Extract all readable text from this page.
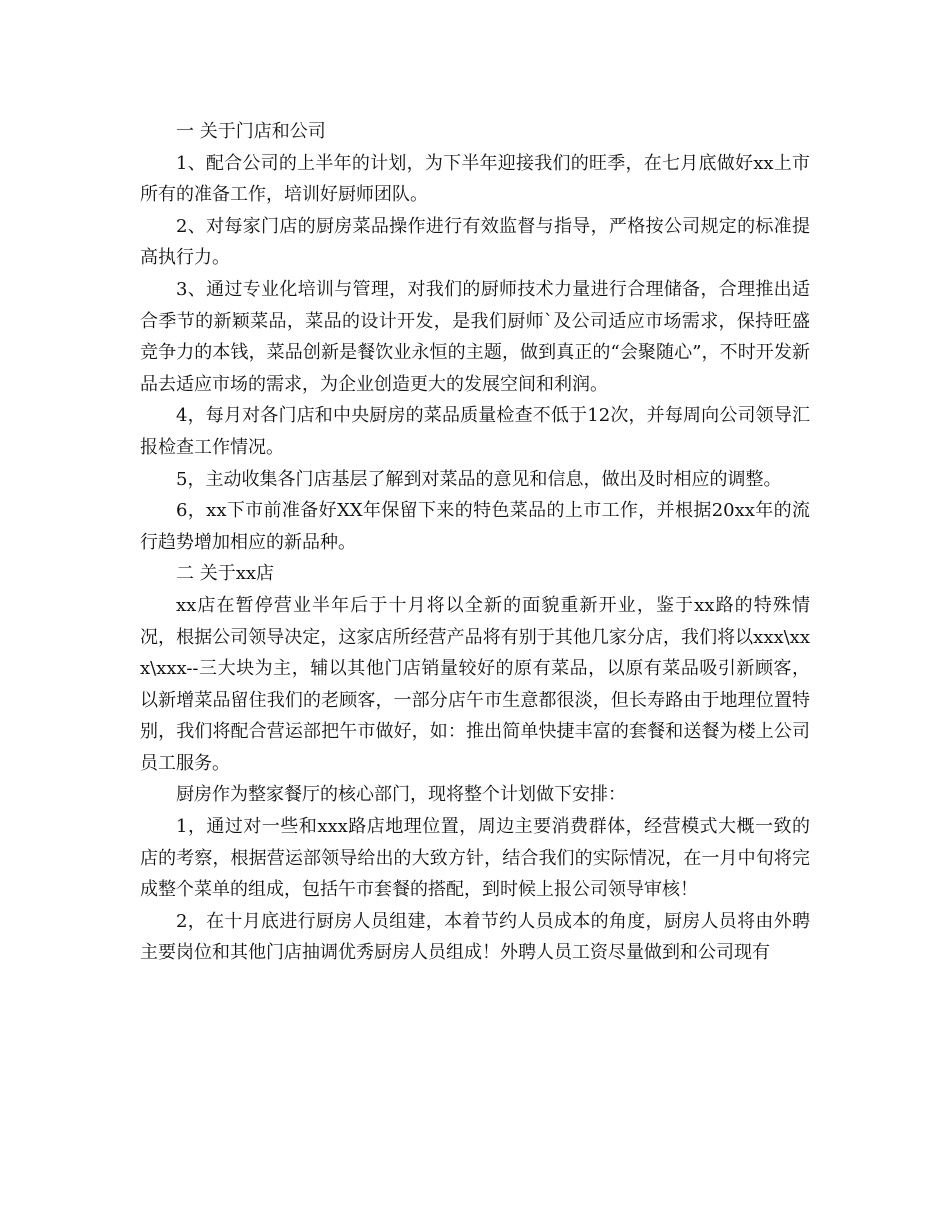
一 关于门店和公司

1、配合公司的上半年的计划，为下半年迎接我们的旺季，在七月底做好xx上市所有的准备工作，培训好厨师团队。

2、对每家门店的厨房菜品操作进行有效监督与指导，严格按公司规定的标准提高执行力。

3、通过专业化培训与管理，对我们的厨师技术力量进行合理储备，合理推出适合季节的新颖菜品，菜品的设计开发，是我们厨师`及公司适应市场需求，保持旺盛竞争力的本钱，菜品创新是餐饮业永恒的主题，做到真正的“会聚随心”，不时开发新品去适应市场的需求，为企业创造更大的发展空间和利润。

4，每月对各门店和中央厨房的菜品质量检查不低于12次，并每周向公司领导汇报检查工作情况。

5，主动收集各门店基层了解到对菜品的意见和信息，做出及时相应的调整。

6，xx下市前准备好XX年保留下来的特色菜品的上市工作，并根据20xx年的流行趋势增加相应的新品种。

二 关于xx店

xx店在暂停营业半年后于十月将以全新的面貌重新开业，鉴于xx路的特殊情况，根据公司领导决定，这家店所经营产品将有别于其他几家分店，我们将以xxx\xxx\xxx--三大块为主，辅以其他门店销量较好的原有菜品，以原有菜品吸引新顾客，以新增菜品留住我们的老顾客，一部分店午市生意都很淡，但长寿路由于地理位置特别，我们将配合营运部把午市做好，如：推出简单快捷丰富的套餐和送餐为楼上公司员工服务。

厨房作为整家餐厅的核心部门，现将整个计划做下安排：

1，通过对一些和xxx路店地理位置，周边主要消费群体，经营模式大概一致的店的考察，根据营运部领导给出的大致方针，结合我们的实际情况，在一月中旬将完成整个菜单的组成，包括午市套餐的搭配，到时候上报公司领导审核！

2，在十月底进行厨房人员组建，本着节约人员成本的角度，厨房人员将由外聘主要岗位和其他门店抽调优秀厨房人员组成！外聘人员工资尽量做到和公司现有
